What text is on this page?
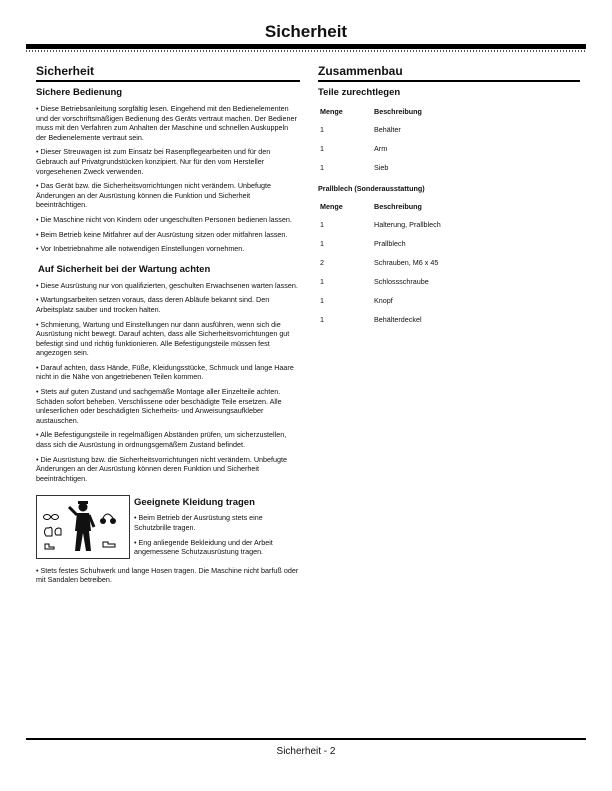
Sicherheit
Sicherheit
Sichere Bedienung

• Diese Betriebsanleitung sorgfältig lesen. Eingehend mit den Bedienelementen und der vorschriftsmäßigen Bedienung des Geräts vertraut machen. Der Bediener muss mit den Verfahren zum Anhalten der Maschine und schnellen Auskuppeln der Bedienelemente vertraut sein.

• Dieser Streuwagen ist zum Einsatz bei Rasenpflegearbeiten und für den Gebrauch auf Privatgrundstücken konzipiert. Nur für den vom Hersteller vorgesehenen Zweck verwenden.

• Das Gerät bzw. die Sicherheitsvorrichtungen nicht verändern. Unbefugte Änderungen an der Ausrüstung können die Funktion und Sicherheit beeinträchtigen.

• Die Maschine nicht von Kindern oder ungeschulten Personen bedienen lassen.

• Beim Betrieb keine Mitfahrer auf der Ausrüstung sitzen oder mitfahren lassen.

• Vor Inbetriebnahme alle notwendigen Einstellungen vornehmen.

Auf Sicherheit bei der Wartung achten

• Diese Ausrüstung nur von qualifizierten, geschulten Erwachsenen warten lassen.

• Wartungsarbeiten setzen voraus, dass deren Abläufe bekannt sind. Den Arbeitsplatz sauber und trocken halten.

• Schmierung, Wartung und Einstellungen nur dann ausführen, wenn sich die Ausrüstung nicht bewegt. Darauf achten, dass alle Sicherheitsvorrichtungen gut befestigt sind und richtig funktionieren. Alle Befestigungsteile müssen fest angezogen sein.

• Darauf achten, dass Hände, Füße, Kleidungsstücke, Schmuck und lange Haare nicht in die Nähe von angetriebenen Teilen kommen.

• Stets auf guten Zustand und sachgemäße Montage aller Einzelteile achten. Schäden sofort beheben. Verschlissene oder beschädigte Teile ersetzen. Alle unleserlichen oder beschädigten Sicherheits- und Anweisungsaufkleber austauschen.

• Alle Befestigungsteile in regelmäßigen Abständen prüfen, um sicherzustellen, dass sich die Ausrüstung in ordnungsgemäßem Zustand befindet.

• Die Ausrüstung bzw. die Sicherheitsvorrichtungen nicht verändern. Unbefugte Änderungen an der Ausrüstung können deren Funktion und Sicherheit beeinträchtigen.

Geeignete Kleidung tragen

• Beim Betrieb der Ausrüstung stets eine Schutzbrille tragen.

• Eng anliegende Bekleidung und der Arbeit angemessene Schutzausrüstung tragen.

• Stets festes Schuhwerk und lange Hosen tragen. Die Maschine nicht barfuß oder mit Sandalen betreiben.

Zusammenbau
Teile zurechtlegen
Menge	Beschreibung
1	Behälter
1	Arm
1	Sieb
Prallblech (Sonderausstattung)
Menge	Beschreibung
1	Halterung, Prallblech
1	Prallblech
2	Schrauben, M6 x 45
1	Schlossschraube
1	Knopf
1	Behälterdeckel
Sicherheit - 2
